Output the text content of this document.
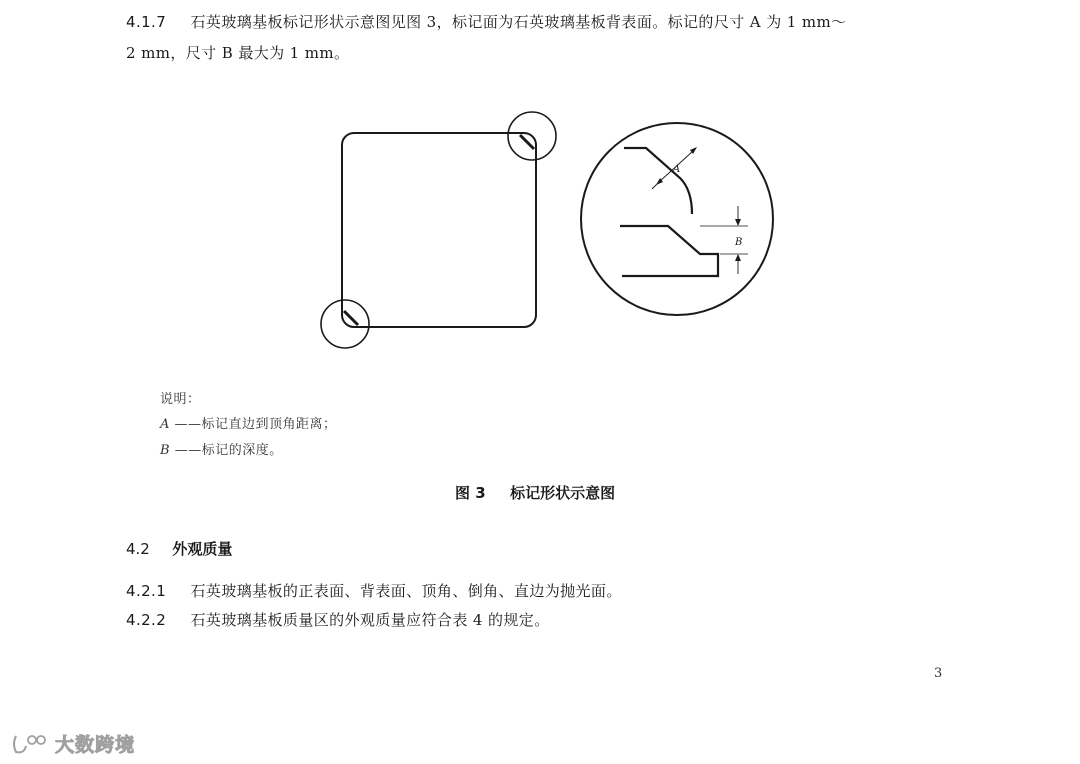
4.1.7 石英玻璃基板标记形状示意图见图 3，标记面为石英玻璃基板背表面。标记的尺寸 A 为 1 mm～
2 mm，尺寸 B 最大为 1 mm。
A
B
说明：
A ——标记直边到顶角距离；
B ——标记的深度。
图 3 标记形状示意图
4.2 外观质量
4.2.1 石英玻璃基板的正表面、背表面、顶角、倒角、直边为抛光面。
4.2.2 石英玻璃基板质量区的外观质量应符合表 4 的规定。
3
大数跨境
